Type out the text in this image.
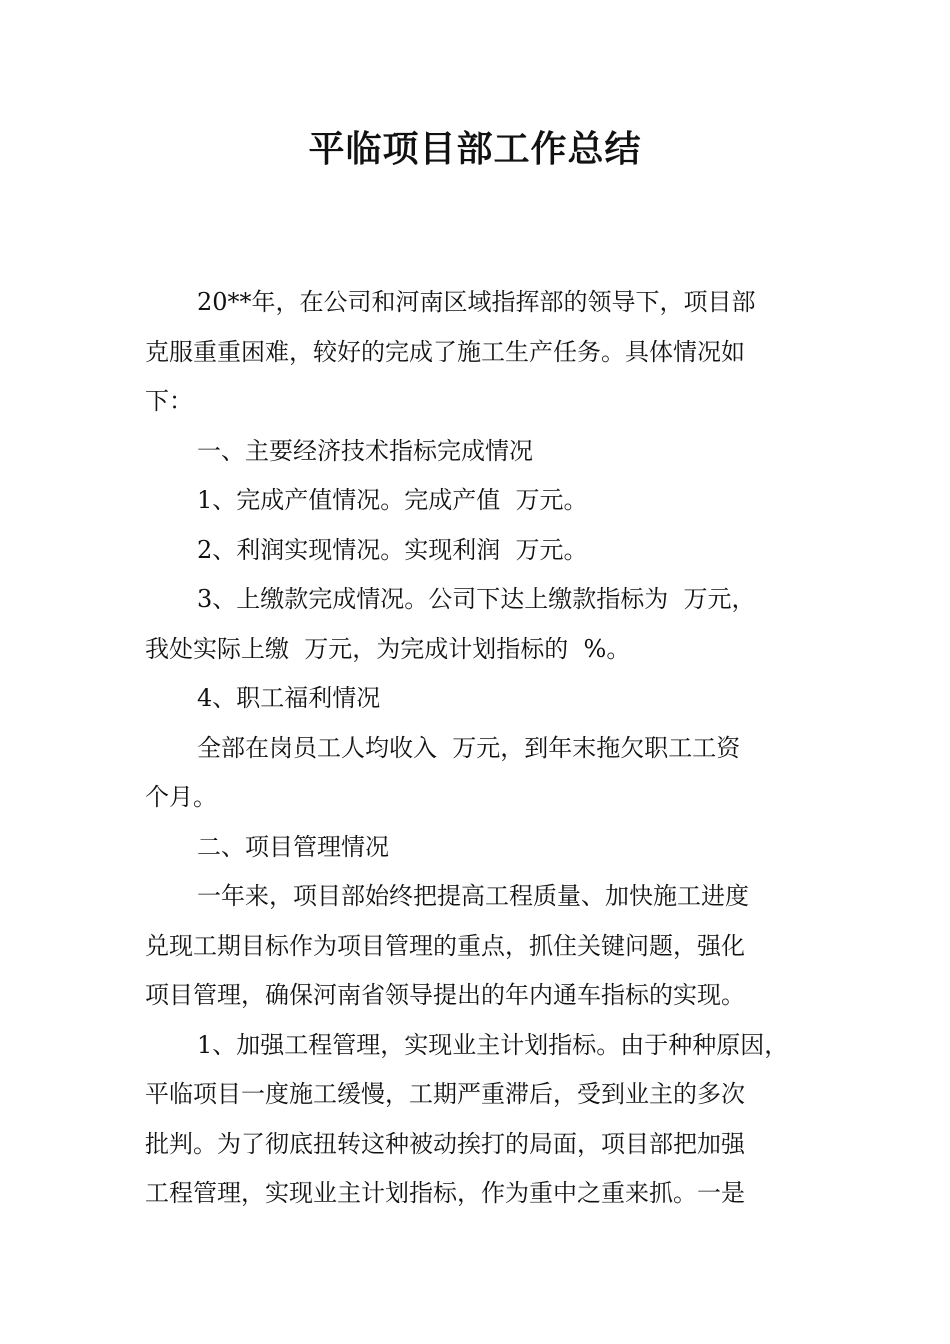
平临项目部工作总结
20**年，在公司和河南区域指挥部的领导下，项目部
克服重重困难，较好的完成了施工生产任务。具体情况如
下：
一、主要经济技术指标完成情况
1、完成产值情况。完成产值  万元。
2、利润实现情况。实现利润  万元。
3、上缴款完成情况。公司下达上缴款指标为  万元，
我处实际上缴  万元，为完成计划指标的  %。
4、职工福利情况
全部在岗员工人均收入  万元，到年末拖欠职工工资
个月。
二、项目管理情况
一年来，项目部始终把提高工程质量、加快施工进度
兑现工期目标作为项目管理的重点，抓住关键问题，强化
项目管理，确保河南省领导提出的年内通车指标的实现。
1、加强工程管理，实现业主计划指标。由于种种原因，
平临项目一度施工缓慢，工期严重滞后，受到业主的多次
批判。为了彻底扭转这种被动挨打的局面，项目部把加强
工程管理，实现业主计划指标，作为重中之重来抓。一是
